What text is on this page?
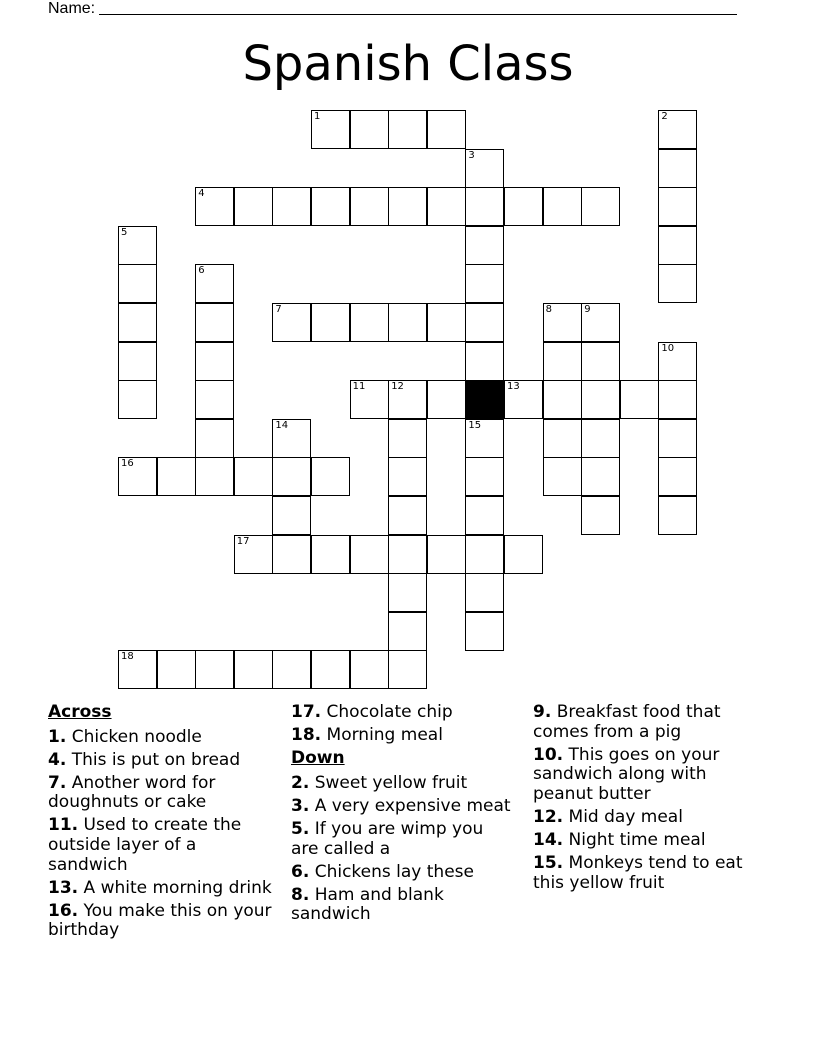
Name:
Spanish Class
1	2
3
4
5
6
7	8	9
10
11	12	13
14	15
16
17
18
Across
1. Chicken noodle
4. This is put on bread
7. Another word for doughnuts or cake
11. Used to create the outside layer of a sandwich
13. A white morning drink
16. You make this on your birthday
17. Chocolate chip
18. Morning meal
Down
2. Sweet yellow fruit
3. A very expensive meat
5. If you are wimp you are called a
6. Chickens lay these
8. Ham and blank sandwich
9. Breakfast food that comes from a pig
10. This goes on your sandwich along with peanut butter
12. Mid day meal
14. Night time meal
15. Monkeys tend to eat this yellow fruit
